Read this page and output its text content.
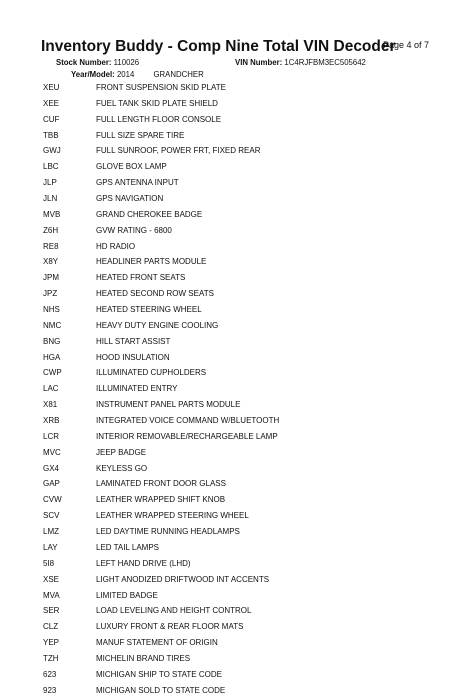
Inventory Buddy - Comp Nine Total VIN Decoder
Page 4 of 7
Stock Number: 110026	VIN Number: 1C4RJFBM3EC505642
Year/Model: 2014 GRANDCHER
XEU	FRONT SUSPENSION SKID PLATE
XEE	FUEL TANK SKID PLATE SHIELD
CUF	FULL LENGTH FLOOR CONSOLE
TBB	FULL SIZE SPARE TIRE
GWJ	FULL SUNROOF, POWER FRT, FIXED REAR
LBC	GLOVE BOX LAMP
JLP	GPS ANTENNA INPUT
JLN	GPS NAVIGATION
MVB	GRAND CHEROKEE BADGE
Z6H	GVW RATING - 6800
RE8	HD RADIO
X8Y	HEADLINER PARTS MODULE
JPM	HEATED FRONT SEATS
JPZ	HEATED SECOND ROW SEATS
NHS	HEATED STEERING WHEEL
NMC	HEAVY DUTY ENGINE COOLING
BNG	HILL START ASSIST
HGA	HOOD INSULATION
CWP	ILLUMINATED CUPHOLDERS
LAC	ILLUMINATED ENTRY
X81	INSTRUMENT PANEL PARTS MODULE
XRB	INTEGRATED VOICE COMMAND W/BLUETOOTH
LCR	INTERIOR REMOVABLE/RECHARGEABLE LAMP
MVC	JEEP BADGE
GX4	KEYLESS GO
GAP	LAMINATED FRONT DOOR GLASS
CVW	LEATHER WRAPPED SHIFT KNOB
SCV	LEATHER WRAPPED STEERING WHEEL
LMZ	LED DAYTIME RUNNING HEADLAMPS
LAY	LED TAIL LAMPS
5I8	LEFT HAND DRIVE (LHD)
XSE	LIGHT ANODIZED DRIFTWOOD INT ACCENTS
MVA	LIMITED BADGE
SER	LOAD LEVELING AND HEIGHT CONTROL
CLZ	LUXURY FRONT & REAR FLOOR MATS
YEP	MANUF STATEMENT OF ORIGIN
TZH	MICHELIN BRAND TIRES
623	MICHIGAN SHIP TO STATE CODE
923	MICHIGAN SOLD TO STATE CODE
